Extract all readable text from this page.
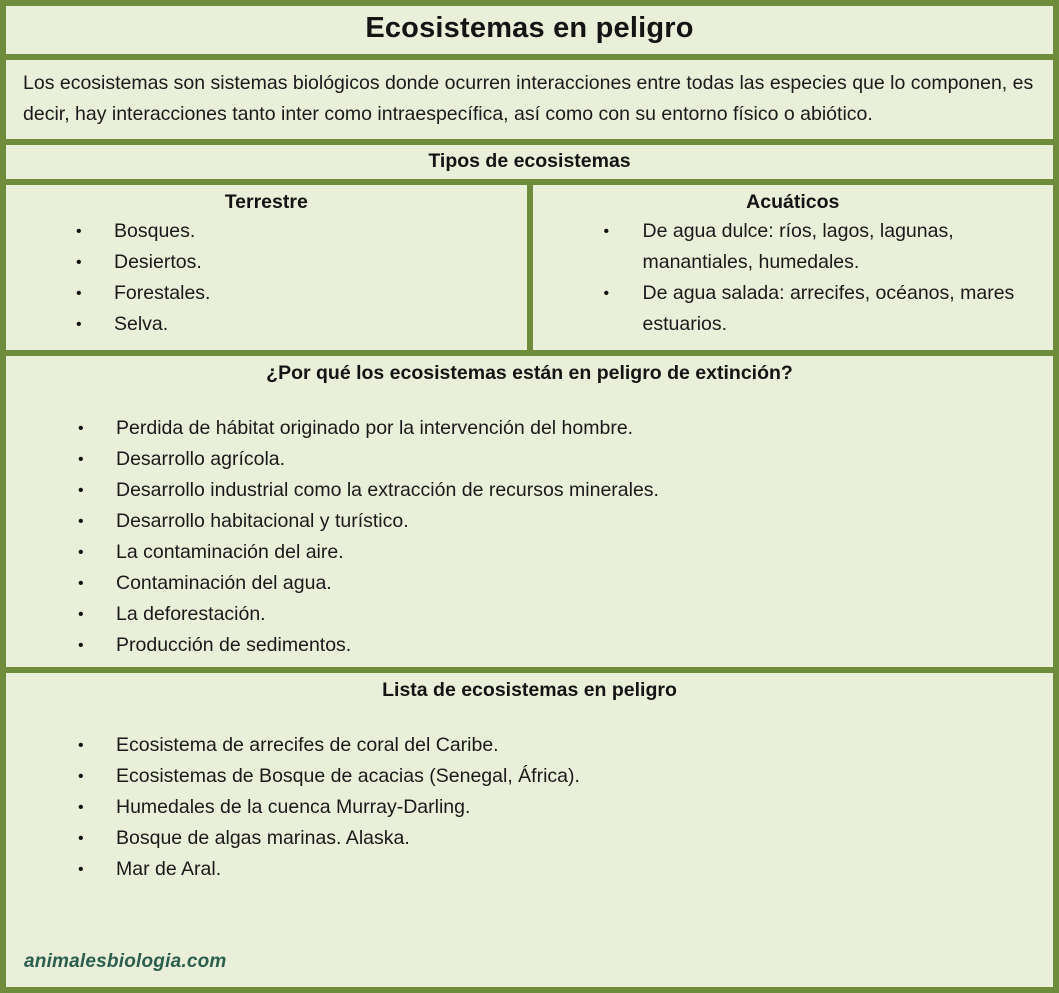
Ecosistemas en peligro

Los ecosistemas son sistemas biológicos donde ocurren interacciones entre todas las especies que lo componen, es decir, hay interacciones tanto inter como intraespecífica, así como con su entorno físico o abiótico.

Tipos de ecosistemas
Terrestre
• Bosques.
• Desiertos.
• Forestales.
• Selva.
Acuáticos
• De agua dulce: ríos, lagos, lagunas, manantiales, humedales.
• De agua salada: arrecifes, océanos, mares estuarios.
¿Por qué los ecosistemas están en peligro de extinción?
• Perdida de hábitat originado por la intervención del hombre.
• Desarrollo agrícola.
• Desarrollo industrial como la extracción de recursos minerales.
• Desarrollo habitacional y turístico.
• La contaminación del aire.
• Contaminación del agua.
• La deforestación.
• Producción de sedimentos.
Lista de ecosistemas en peligro
• Ecosistema de arrecifes de coral del Caribe.
• Ecosistemas de Bosque de acacias (Senegal, África).
• Humedales de la cuenca Murray-Darling.
• Bosque de algas marinas. Alaska.
• Mar de Aral.
animalesbiologia.com
